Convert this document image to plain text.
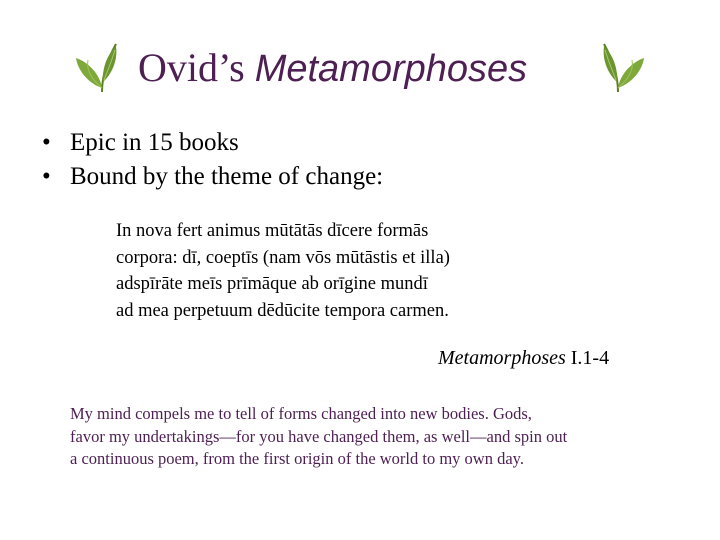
Ovid’s Metamorphoses
• Epic in 15 books
• Bound by the theme of change:
In nova fert animus mūtātās dīcere formās
corpora: dī, coeptīs (nam vōs mūtāstis et illa)
adspīrāte meīs prīmāque ab orīgine mundī
ad mea perpetuum dēdūcite tempora carmen.
Metamorphoses I.1-4
My mind compels me to tell of forms changed into new bodies. Gods,
favor my undertakings—for you have changed them, as well—and spin out
a continuous poem, from the first origin of the world to my own day.
